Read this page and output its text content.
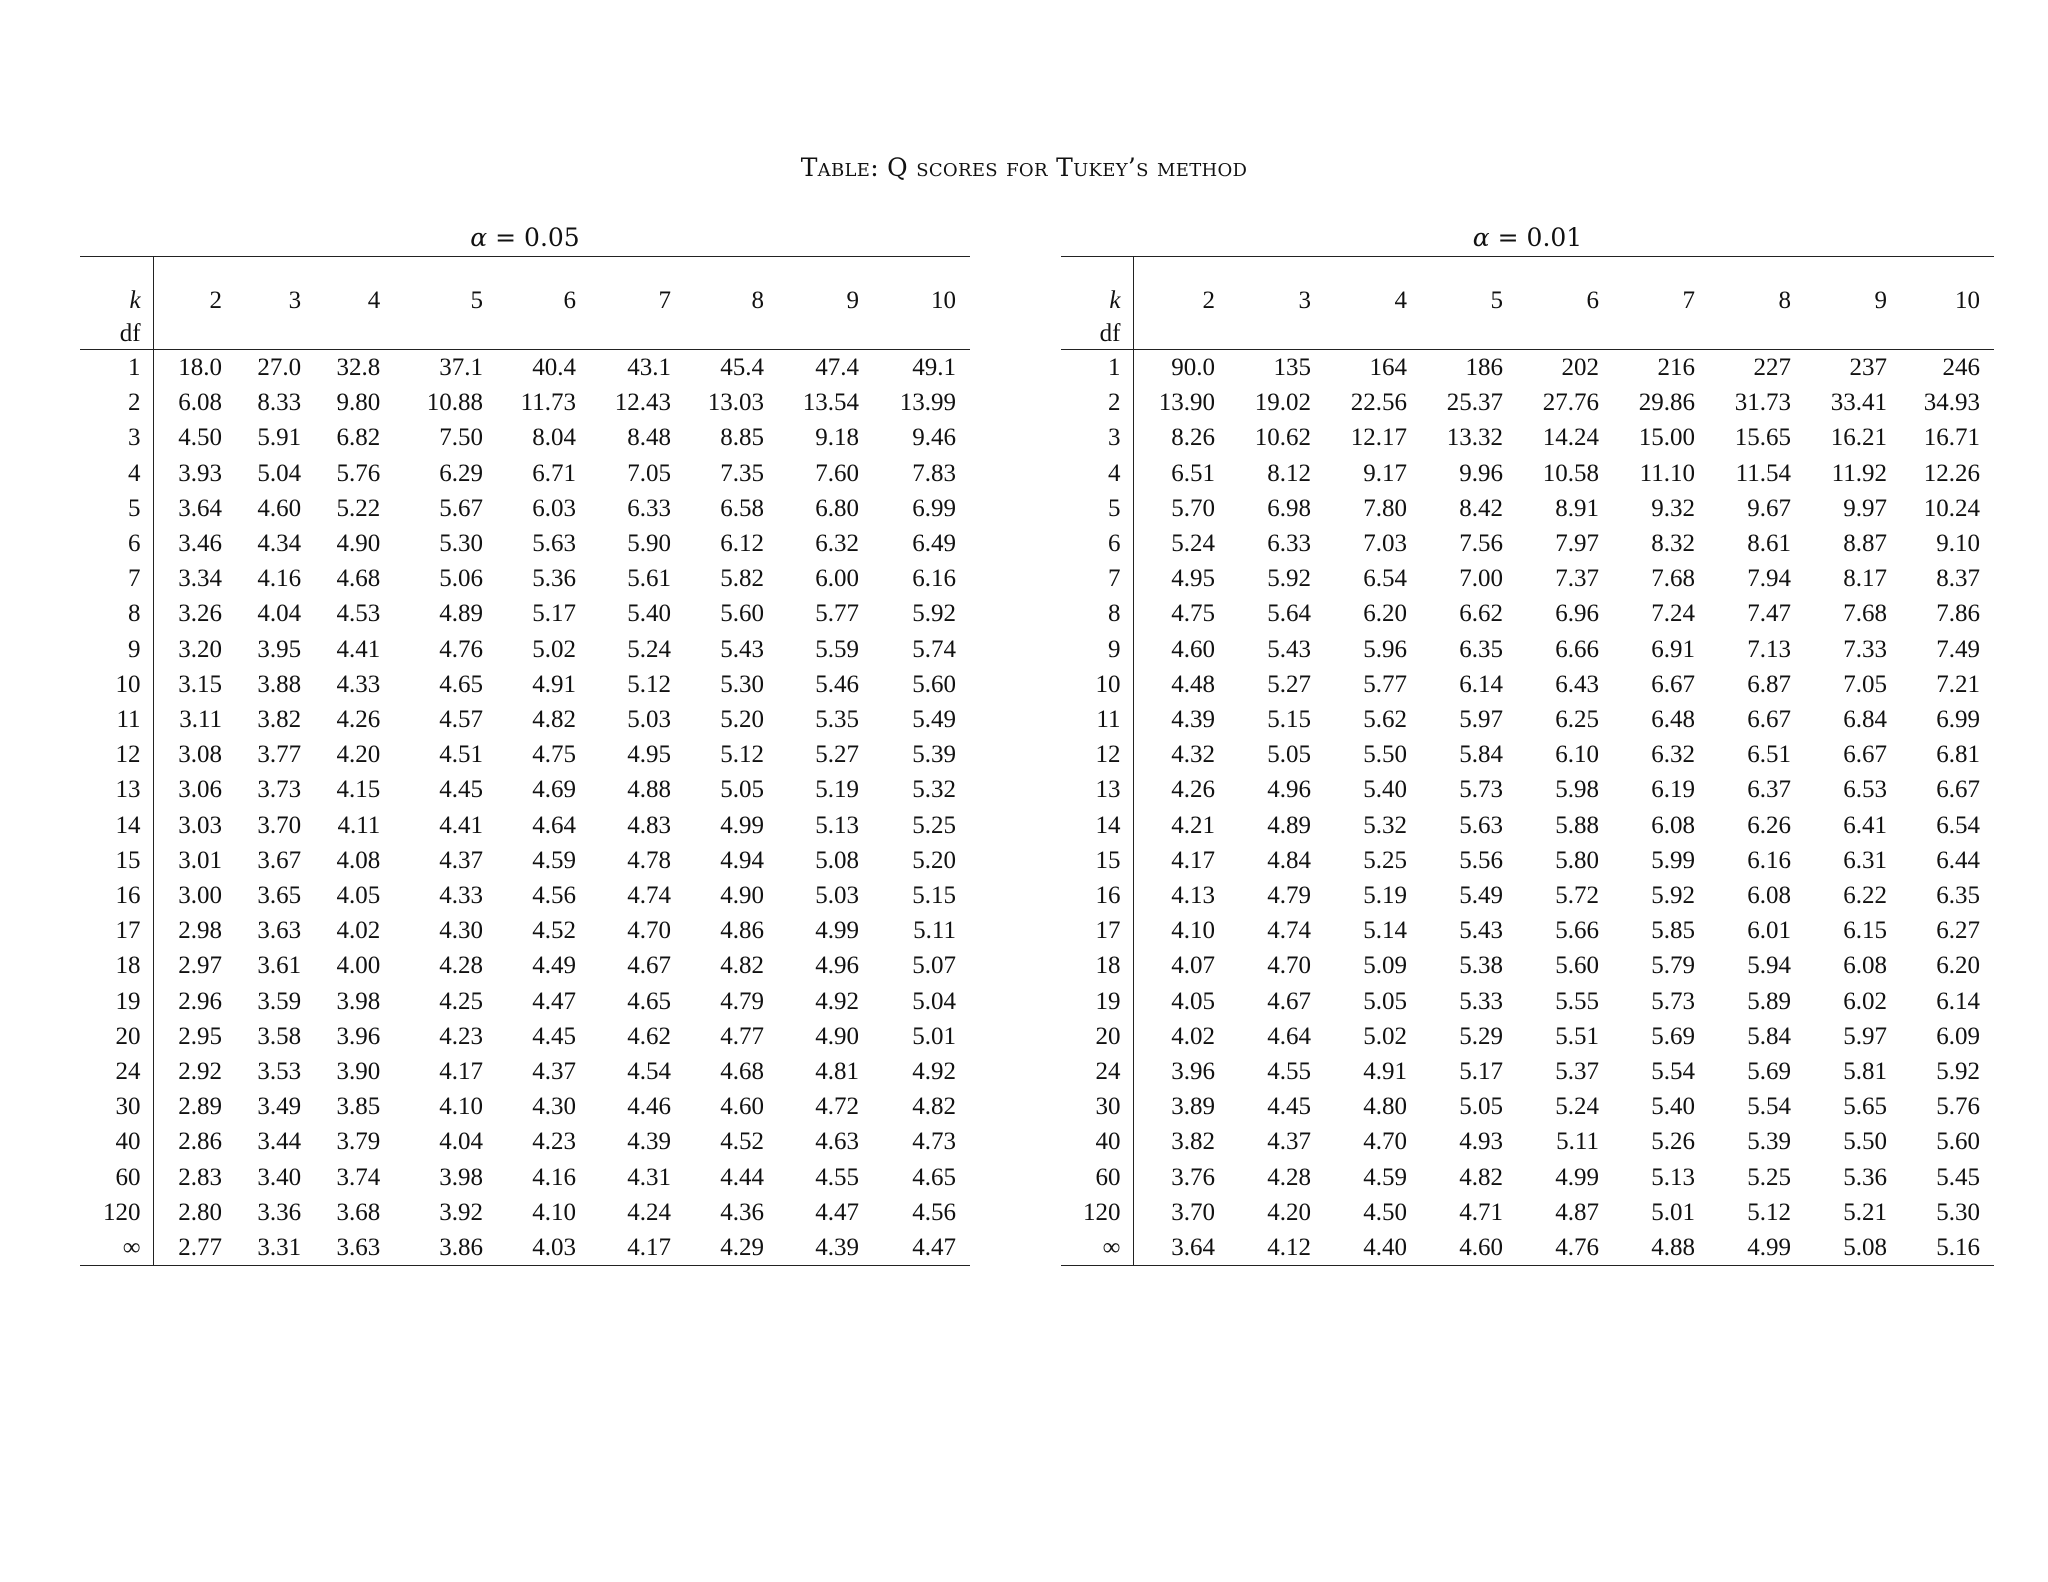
Table: Q scores for Tukey’s method
α = 0.05

k	2	3	4	5	6	7	8	9	10
df									
1	18.0	27.0	32.8	37.1	40.4	43.1	45.4	47.4	49.1
2	6.08	8.33	9.80	10.88	11.73	12.43	13.03	13.54	13.99
3	4.50	5.91	6.82	7.50	8.04	8.48	8.85	9.18	9.46
4	3.93	5.04	5.76	6.29	6.71	7.05	7.35	7.60	7.83
5	3.64	4.60	5.22	5.67	6.03	6.33	6.58	6.80	6.99
6	3.46	4.34	4.90	5.30	5.63	5.90	6.12	6.32	6.49
7	3.34	4.16	4.68	5.06	5.36	5.61	5.82	6.00	6.16
8	3.26	4.04	4.53	4.89	5.17	5.40	5.60	5.77	5.92
9	3.20	3.95	4.41	4.76	5.02	5.24	5.43	5.59	5.74
10	3.15	3.88	4.33	4.65	4.91	5.12	5.30	5.46	5.60
11	3.11	3.82	4.26	4.57	4.82	5.03	5.20	5.35	5.49
12	3.08	3.77	4.20	4.51	4.75	4.95	5.12	5.27	5.39
13	3.06	3.73	4.15	4.45	4.69	4.88	5.05	5.19	5.32
14	3.03	3.70	4.11	4.41	4.64	4.83	4.99	5.13	5.25
15	3.01	3.67	4.08	4.37	4.59	4.78	4.94	5.08	5.20
16	3.00	3.65	4.05	4.33	4.56	4.74	4.90	5.03	5.15
17	2.98	3.63	4.02	4.30	4.52	4.70	4.86	4.99	5.11
18	2.97	3.61	4.00	4.28	4.49	4.67	4.82	4.96	5.07
19	2.96	3.59	3.98	4.25	4.47	4.65	4.79	4.92	5.04
20	2.95	3.58	3.96	4.23	4.45	4.62	4.77	4.90	5.01
24	2.92	3.53	3.90	4.17	4.37	4.54	4.68	4.81	4.92
30	2.89	3.49	3.85	4.10	4.30	4.46	4.60	4.72	4.82
40	2.86	3.44	3.79	4.04	4.23	4.39	4.52	4.63	4.73
60	2.83	3.40	3.74	3.98	4.16	4.31	4.44	4.55	4.65
120	2.80	3.36	3.68	3.92	4.10	4.24	4.36	4.47	4.56
∞	2.77	3.31	3.63	3.86	4.03	4.17	4.29	4.39	4.47
α = 0.01

k	2	3	4	5	6	7	8	9	10
df									
1	90.0	135	164	186	202	216	227	237	246
2	13.90	19.02	22.56	25.37	27.76	29.86	31.73	33.41	34.93
3	8.26	10.62	12.17	13.32	14.24	15.00	15.65	16.21	16.71
4	6.51	8.12	9.17	9.96	10.58	11.10	11.54	11.92	12.26
5	5.70	6.98	7.80	8.42	8.91	9.32	9.67	9.97	10.24
6	5.24	6.33	7.03	7.56	7.97	8.32	8.61	8.87	9.10
7	4.95	5.92	6.54	7.00	7.37	7.68	7.94	8.17	8.37
8	4.75	5.64	6.20	6.62	6.96	7.24	7.47	7.68	7.86
9	4.60	5.43	5.96	6.35	6.66	6.91	7.13	7.33	7.49
10	4.48	5.27	5.77	6.14	6.43	6.67	6.87	7.05	7.21
11	4.39	5.15	5.62	5.97	6.25	6.48	6.67	6.84	6.99
12	4.32	5.05	5.50	5.84	6.10	6.32	6.51	6.67	6.81
13	4.26	4.96	5.40	5.73	5.98	6.19	6.37	6.53	6.67
14	4.21	4.89	5.32	5.63	5.88	6.08	6.26	6.41	6.54
15	4.17	4.84	5.25	5.56	5.80	5.99	6.16	6.31	6.44
16	4.13	4.79	5.19	5.49	5.72	5.92	6.08	6.22	6.35
17	4.10	4.74	5.14	5.43	5.66	5.85	6.01	6.15	6.27
18	4.07	4.70	5.09	5.38	5.60	5.79	5.94	6.08	6.20
19	4.05	4.67	5.05	5.33	5.55	5.73	5.89	6.02	6.14
20	4.02	4.64	5.02	5.29	5.51	5.69	5.84	5.97	6.09
24	3.96	4.55	4.91	5.17	5.37	5.54	5.69	5.81	5.92
30	3.89	4.45	4.80	5.05	5.24	5.40	5.54	5.65	5.76
40	3.82	4.37	4.70	4.93	5.11	5.26	5.39	5.50	5.60
60	3.76	4.28	4.59	4.82	4.99	5.13	5.25	5.36	5.45
120	3.70	4.20	4.50	4.71	4.87	5.01	5.12	5.21	5.30
∞	3.64	4.12	4.40	4.60	4.76	4.88	4.99	5.08	5.16
